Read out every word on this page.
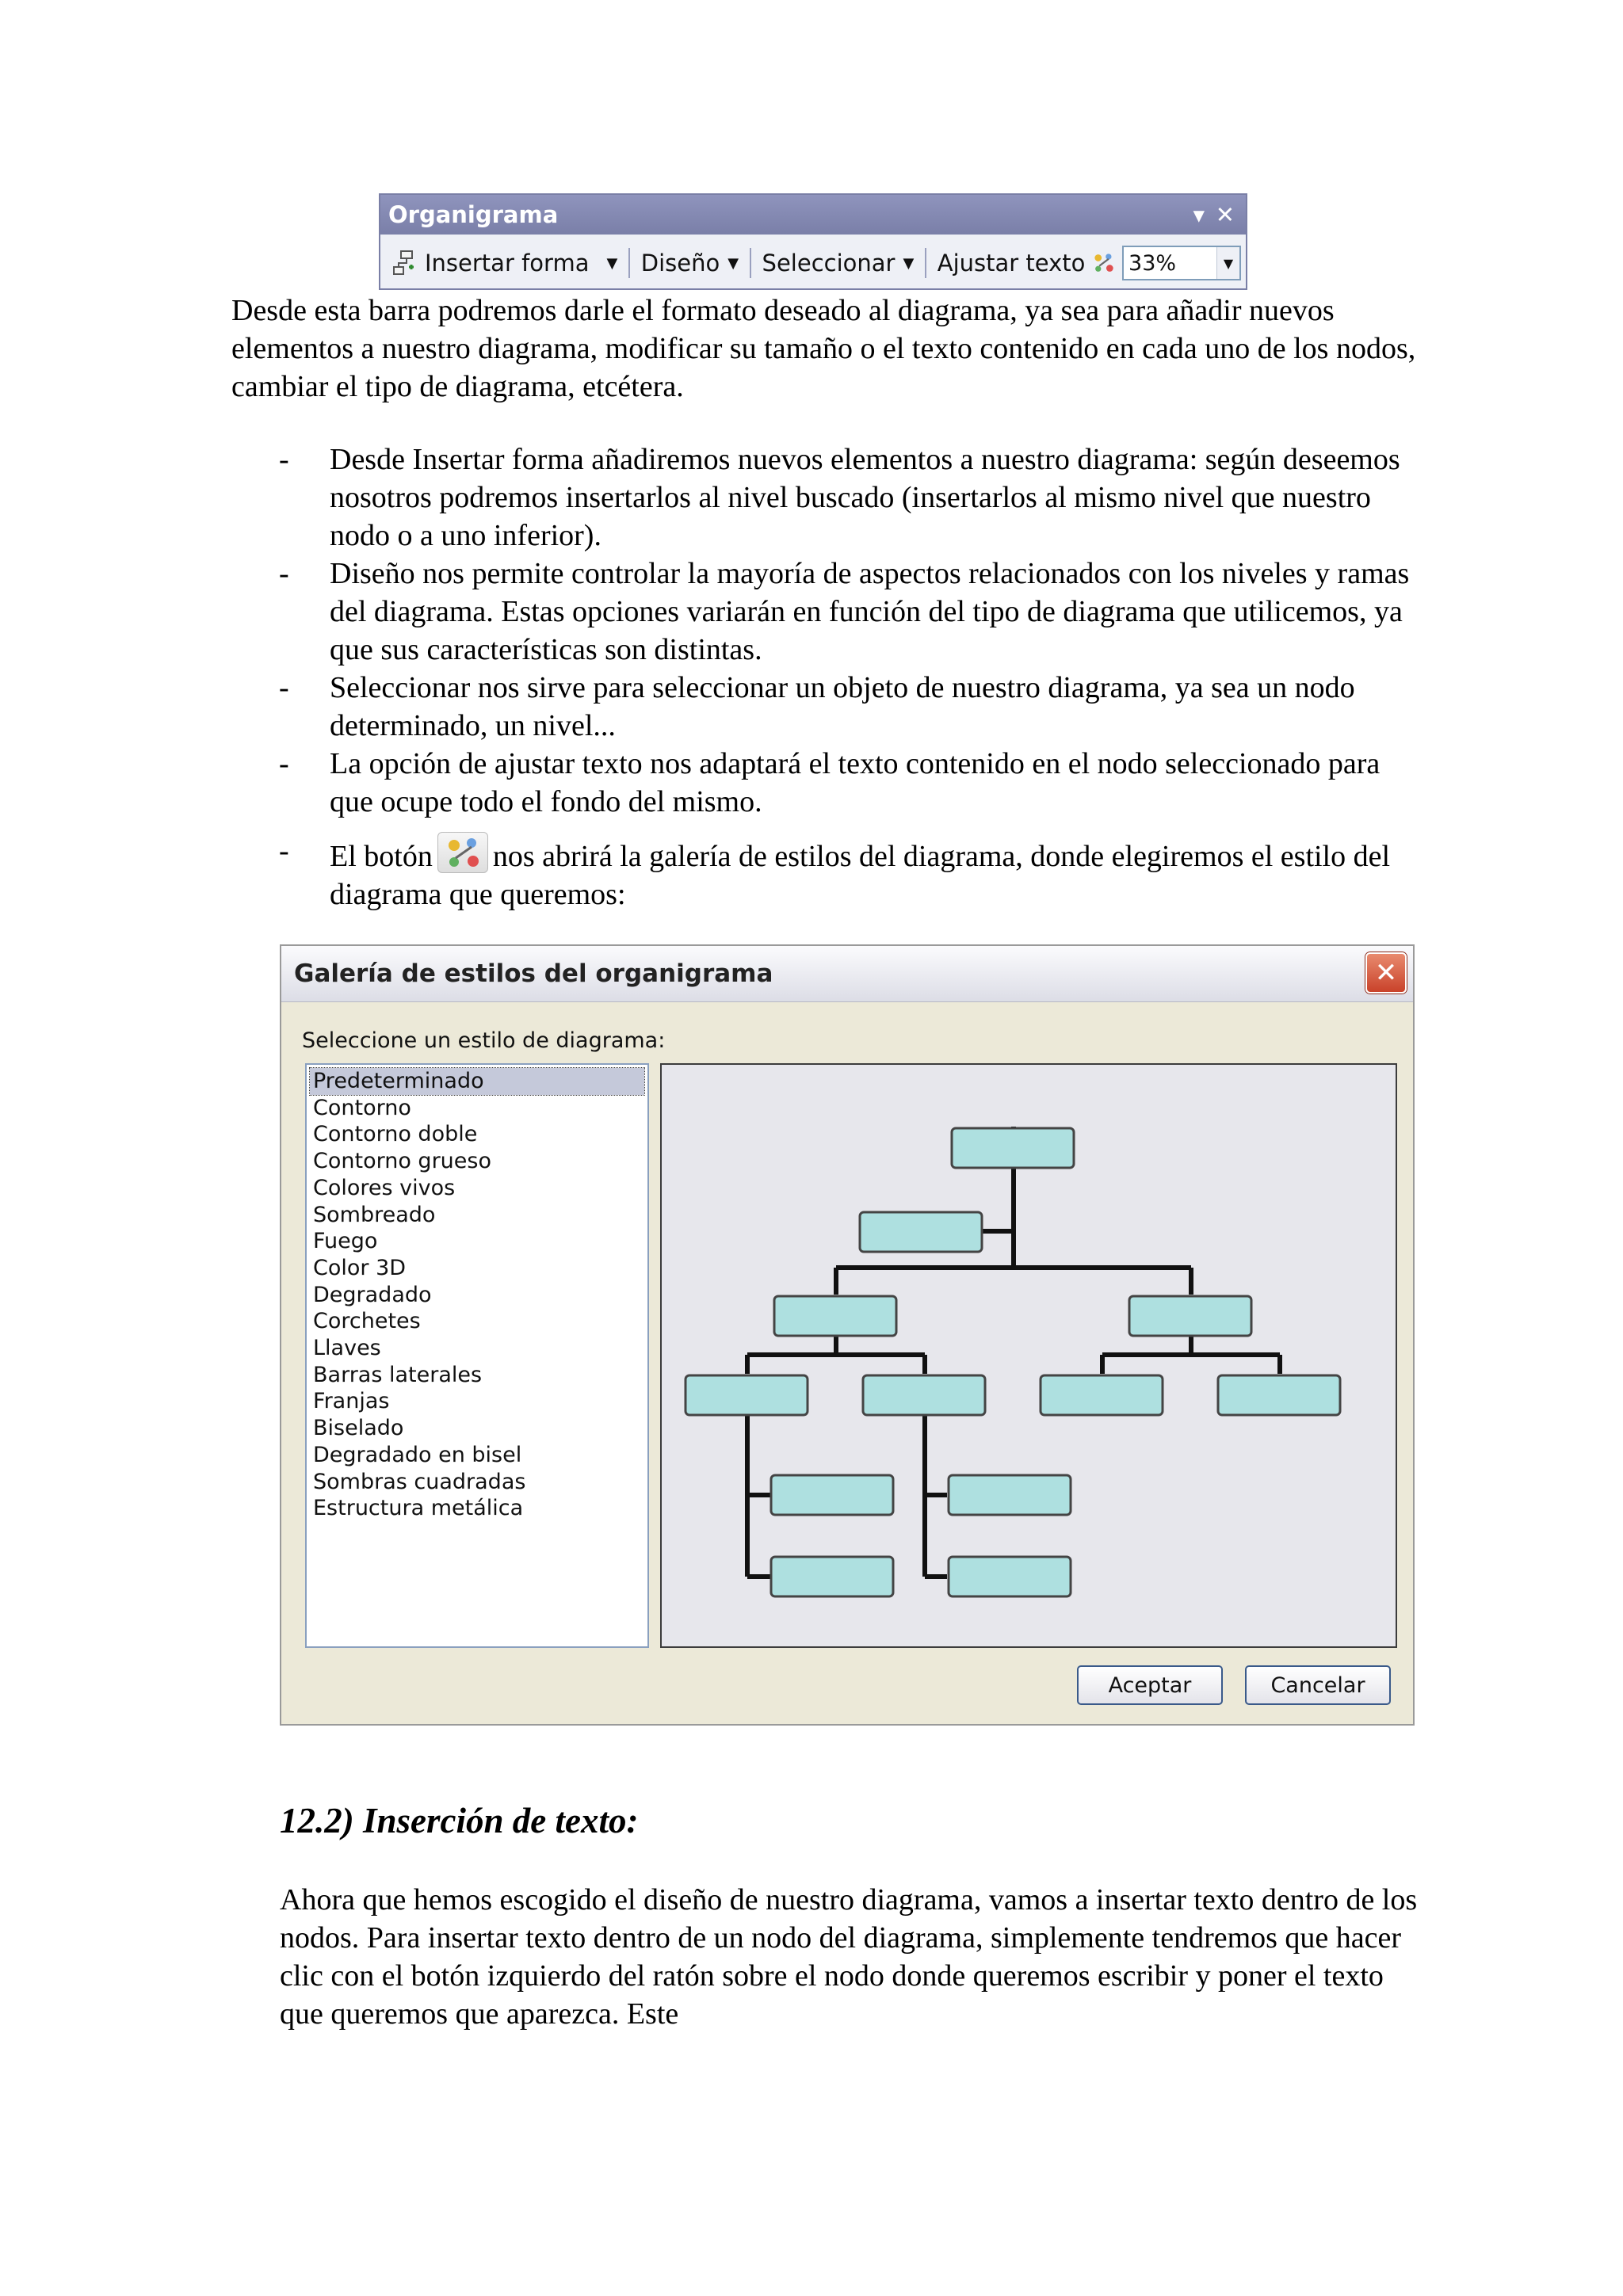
Organigrama	▾ ✕
Insertar forma ▼ Diseño ▼ Seleccionar ▼ Ajustar texto 33%	▼

Desde esta barra podremos darle el formato deseado al diagrama, ya sea para añadir nuevos elementos a nuestro diagrama, modificar su tamaño o el texto contenido en cada uno de los nodos, cambiar el tipo de diagrama, etcétera.

- Desde Insertar forma añadiremos nuevos elementos a nuestro diagrama: según deseemos nosotros podremos insertarlos al nivel buscado (insertarlos al mismo nivel que nuestro nodo o a uno inferior).
- Diseño nos permite controlar la mayoría de aspectos relacionados con los niveles y ramas del diagrama. Estas opciones variarán en función del tipo de diagrama que utilicemos, ya que sus características son distintas.
- Seleccionar nos sirve para seleccionar un objeto de nuestro diagrama, ya sea un nodo determinado, un nivel...
- La opción de ajustar texto nos adaptará el texto contenido en el nodo seleccionado para que ocupe todo el fondo del mismo.
- El botón nos abrirá la galería de estilos del diagrama, donde elegiremos el estilo del diagrama que queremos:
Galería de estilos del organigrama	✕
Seleccione un estilo de diagrama:
Predeterminado
Contorno
Contorno doble
Contorno grueso
Colores vivos
Sombreado
Fuego
Color 3D
Degradado
Corchetes
Llaves
Barras laterales
Franjas
Biselado
Degradado en bisel
Sombras cuadradas
Estructura metálica
Aceptar	Cancelar
12.2) Inserción de texto:

Ahora que hemos escogido el diseño de nuestro diagrama, vamos a insertar texto dentro de los nodos. Para insertar texto dentro de un nodo del diagrama, simplemente tendremos que hacer clic con el botón izquierdo del ratón sobre el nodo donde queremos escribir y poner el texto que queremos que aparezca. Este
